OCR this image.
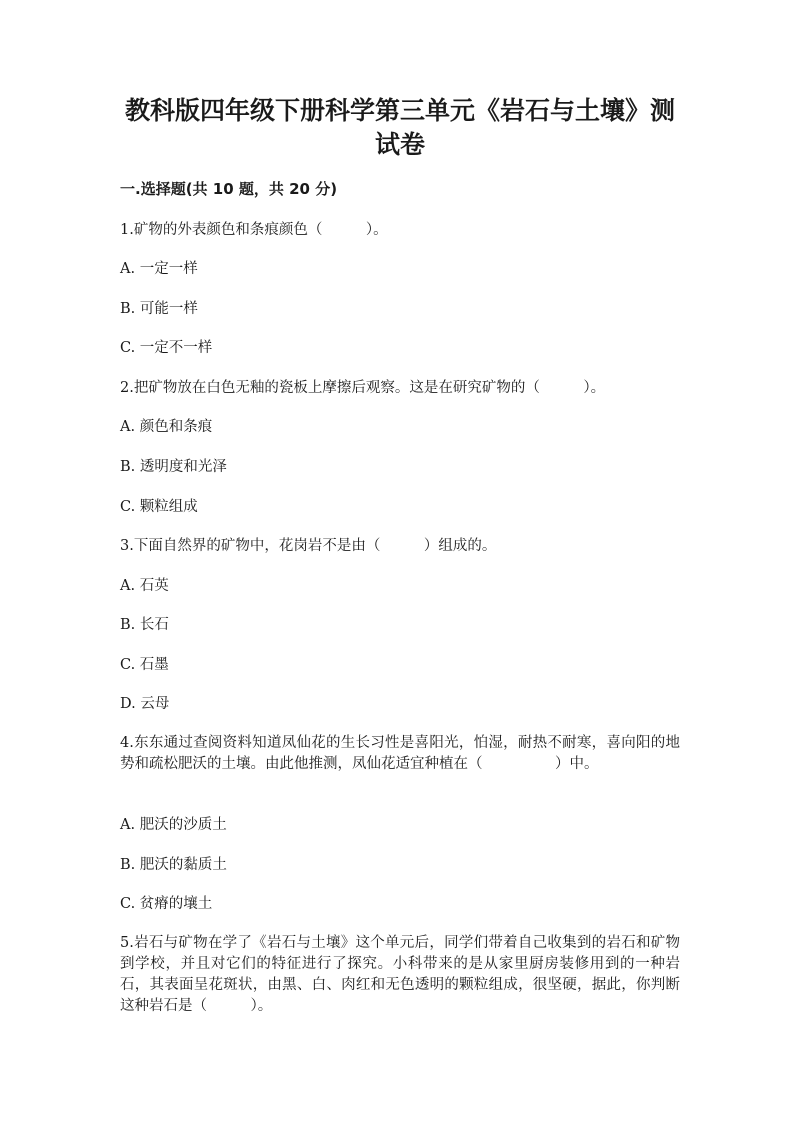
教科版四年级下册科学第三单元《岩石与土壤》测试卷
一.选择题(共 10 题，共 20 分)
1.矿物的外表颜色和条痕颜色（　　　）。
A. 一定一样
B. 可能一样
C. 一定不一样
2.把矿物放在白色无釉的瓷板上摩擦后观察。这是在研究矿物的（　　　）。
A. 颜色和条痕
B. 透明度和光泽
C. 颗粒组成
3.下面自然界的矿物中，花岗岩不是由（　　　）组成的。
A. 石英
B. 长石
C. 石墨
D. 云母
4.东东通过查阅资料知道凤仙花的生长习性是喜阳光，怕湿，耐热不耐寒，喜向阳的地势和疏松肥沃的土壤。由此他推测，凤仙花适宜种植在（　　　　　）中。
A. 肥沃的沙质土
B. 肥沃的黏质土
C. 贫瘠的壤土
5.岩石与矿物在学了《岩石与土壤》这个单元后，同学们带着自己收集到的岩石和矿物到学校，并且对它们的特征进行了探究。小科带来的是从家里厨房装修用到的一种岩石，其表面呈花斑状，由黑、白、肉红和无色透明的颗粒组成，很坚硬，据此，你判断这种岩石是（　　　）。
